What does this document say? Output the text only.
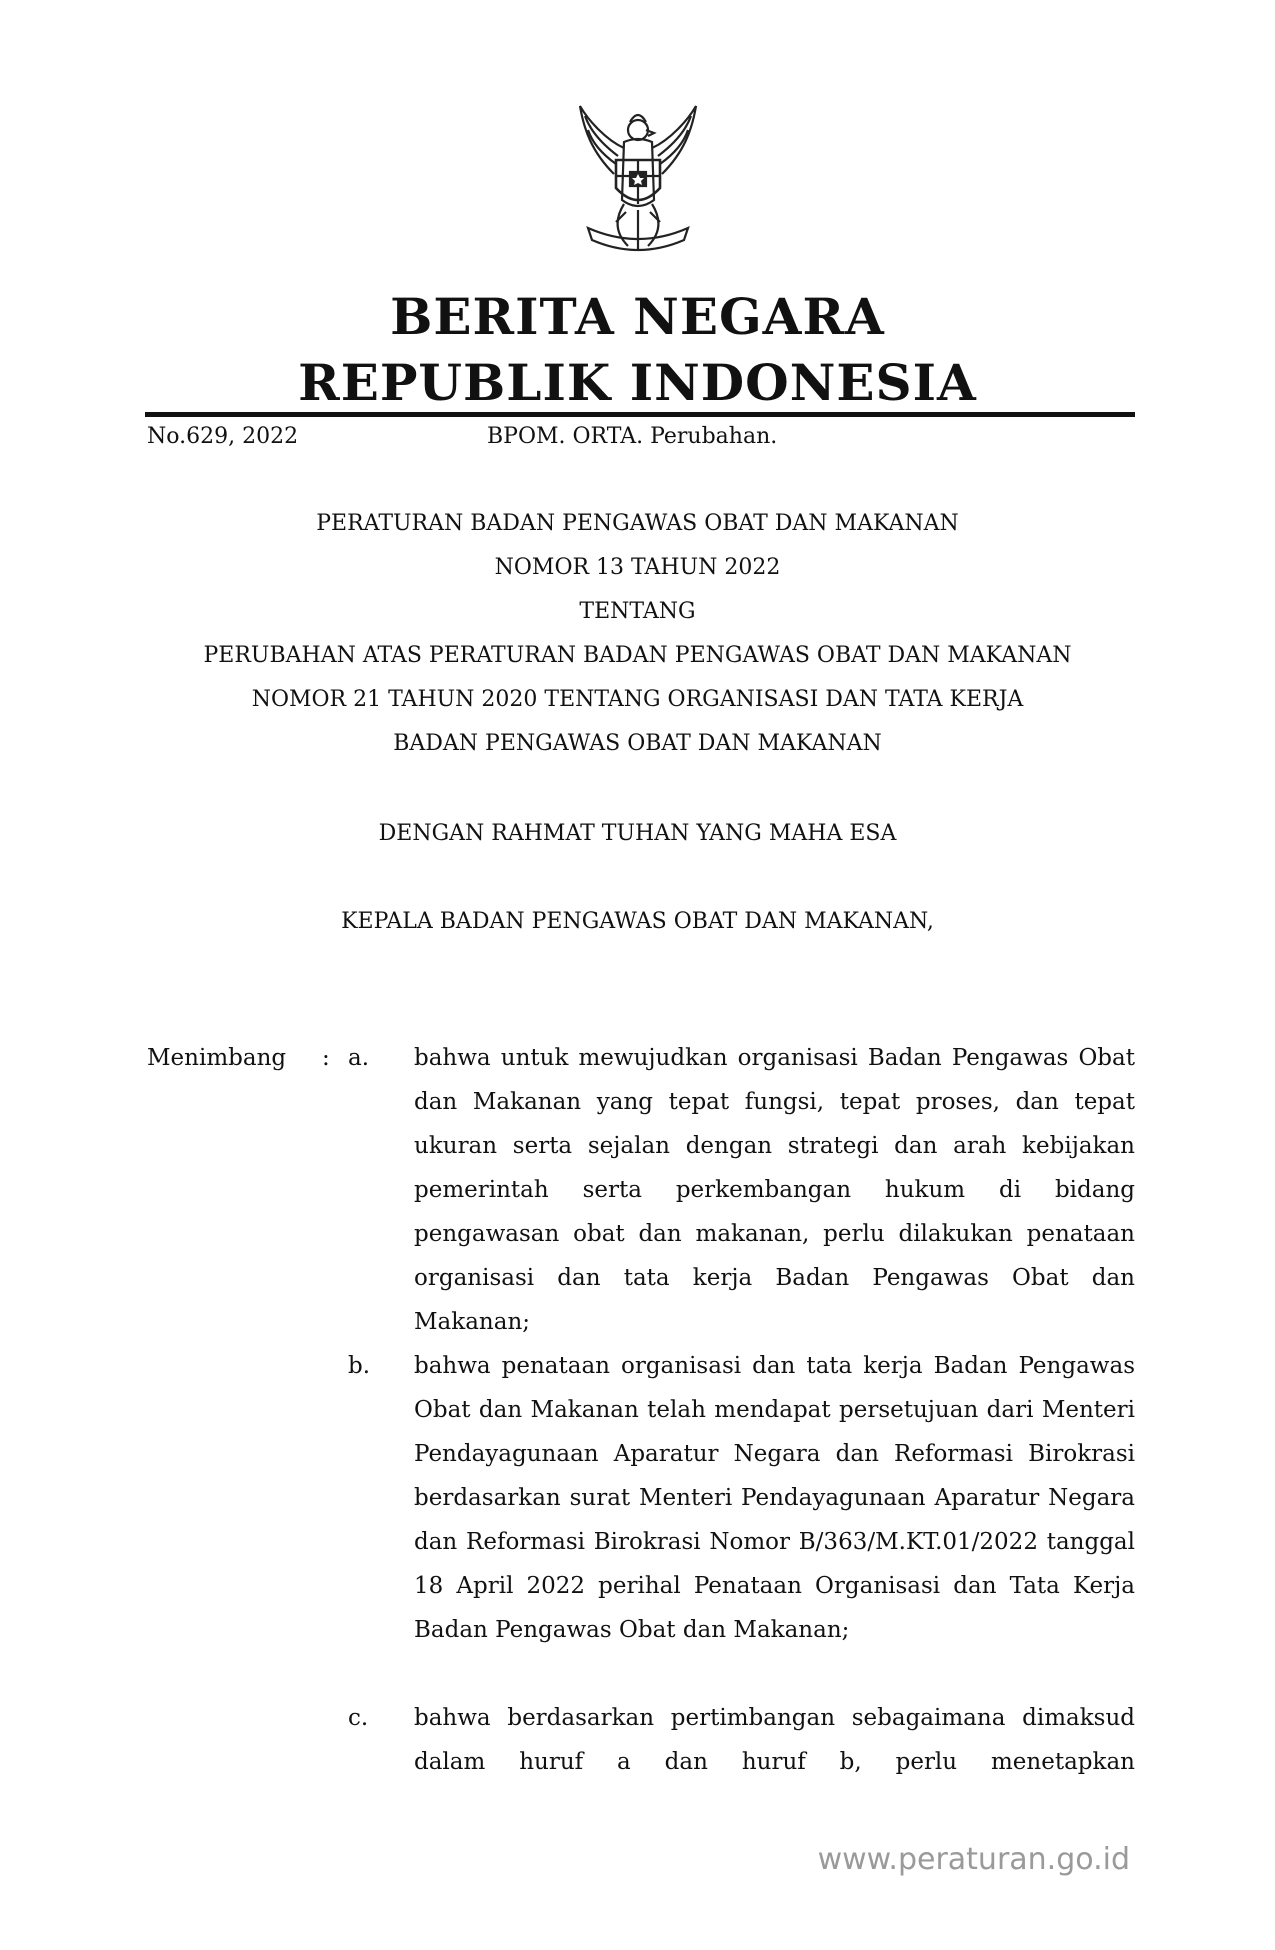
BERITA NEGARA
REPUBLIK INDONESIA
No.629, 2022	BPOM. ORTA. Perubahan.
PERATURAN BADAN PENGAWAS OBAT DAN MAKANAN
NOMOR 13 TAHUN 2022
TENTANG
PERUBAHAN ATAS PERATURAN BADAN PENGAWAS OBAT DAN MAKANAN
NOMOR 21 TAHUN 2020 TENTANG ORGANISASI DAN TATA KERJA
BADAN PENGAWAS OBAT DAN MAKANAN
DENGAN RAHMAT TUHAN YANG MAHA ESA
KEPALA BADAN PENGAWAS OBAT DAN MAKANAN,
Menimbang : a.	bahwa untuk mewujudkan organisasi Badan Pengawas Obat dan Makanan yang tepat fungsi, tepat proses, dan tepat ukuran serta sejalan dengan strategi dan arah kebijakan pemerintah serta perkembangan hukum di bidang pengawasan obat dan makanan, perlu dilakukan penataan organisasi dan tata kerja Badan Pengawas Obat dan Makanan;
b.	bahwa penataan organisasi dan tata kerja Badan Pengawas Obat dan Makanan telah mendapat persetujuan dari Menteri Pendayagunaan Aparatur Negara dan Reformasi Birokrasi berdasarkan surat Menteri Pendayagunaan Aparatur Negara dan Reformasi Birokrasi Nomor B/363/M.KT.01/2022 tanggal 18 April 2022 perihal Penataan Organisasi dan Tata Kerja Badan Pengawas Obat dan Makanan;
c.	bahwa berdasarkan pertimbangan sebagaimana dimaksud dalam huruf a dan huruf b, perlu menetapkan
www.peraturan.go.id
